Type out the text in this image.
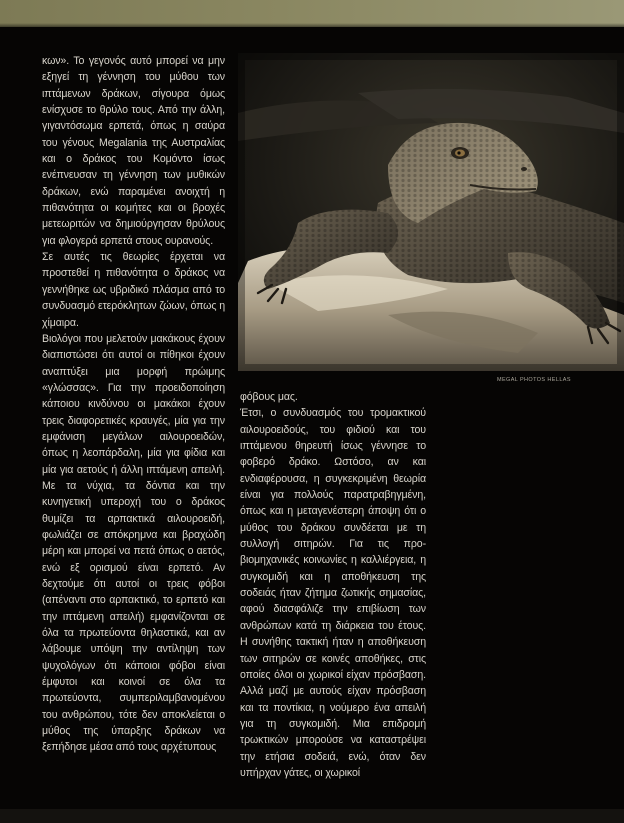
κων». Το γεγονός αυτό μπορεί να μην εξηγεί τη γέννηση του μύθου των ιπτάμενων δράκων, σίγουρα όμως ενίσχυσε το θρύλο τους. Από την άλλη, γιγαντόσωμα ερπετά, όπως η σαύρα του γένους Megalania της Αυστραλίας και ο δράκος του Κομόντο ίσως ενέπνευσαν τη γέννηση των μυθικών δράκων, ενώ παραμένει ανοιχτή η πιθανότητα οι κομήτες και οι βροχές μετεωριτών να δημιούργησαν θρύλους για φλογερά ερπετά στους ουρανούς.

Σε αυτές τις θεωρίες έρχεται να προστεθεί η πιθανότητα ο δράκος να γεννήθηκε ως υβριδικό πλάσμα από το συνδυασμό ετερόκλητων ζώων, όπως η χίμαιρα.

Βιολόγοι που μελετούν μακάκους έχουν διαπιστώσει ότι αυτοί οι πίθηκοι έχουν αναπτύξει μια μορφή πρώιμης «γλώσσας». Για την προειδοποίηση κάποιου κινδύνου οι μακάκοι έχουν τρεις διαφορετικές κραυγές, μία για την εμφάνιση μεγάλων αιλουροειδών, όπως η λεοπάρδαλη, μία για φίδια και μία για αετούς ή άλλη ιπτάμενη απειλή. Με τα νύχια, τα δόντια και την κυνηγετική υπεροχή του ο δράκος θυμίζει τα αρπακτικά αιλουροειδή, φωλιάζει σε απόκρημνα και βραχώδη μέρη και μπορεί να πετά όπως ο αετός, ενώ εξ ορισμού είναι ερπετό. Αν δεχτούμε ότι αυτοί οι τρεις φόβοι (απέναντι στο αρπακτικό, το ερπετό και την ιπτάμενη απειλή) εμφανίζονται σε όλα τα πρωτεύοντα θηλαστικά, και αν λάβουμε υπόψη την αντίληψη των ψυχολόγων ότι κάποιοι φόβοι είναι έμφυτοι και κοινοί σε όλα τα πρωτεύοντα, συμπεριλαμβανομένου του ανθρώπου, τότε δεν αποκλείεται ο μύθος της ύπαρξης δράκων να ξεπήδησε μέσα από τους αρχέτυπους

MEGAL PHOTOS HELLAS

φόβους μας.

Έτσι, ο συνδυασμός του τρομακτικού αιλουροειδούς, του φιδιού και του ιπτάμενου θηρευτή ίσως γέννησε το φοβερό δράκο. Ωστόσο, αν και ενδιαφέρουσα, η συγκεκριμένη θεωρία είναι για πολλούς παρατραβηγμένη, όπως και η μεταγενέστερη άποψη ότι ο μύθος του δράκου συνδέεται με τη συλλογή σιτηρών. Για τις προ-βιομηχανικές κοινωνίες η καλλιέργεια, η συγκομιδή και η αποθήκευση της σοδειάς ήταν ζήτημα ζωτικής σημασίας, αφού διασφάλιζε την επιβίωση των ανθρώπων κατά τη διάρκεια του έτους. Η συνήθης τακτική ήταν η αποθήκευση των σιτηρών σε κοινές αποθήκες, στις οποίες όλοι οι χωρικοί είχαν πρόσβαση. Αλλά μαζί με αυτούς είχαν πρόσβαση και τα ποντίκια, η νούμερο ένα απειλή για τη συγκομιδή. Μια επιδρομή τρωκτικών μπορούσε να καταστρέψει την ετήσια σοδειά, ενώ, όταν δεν υπήρχαν γάτες, οι χωρικοί
